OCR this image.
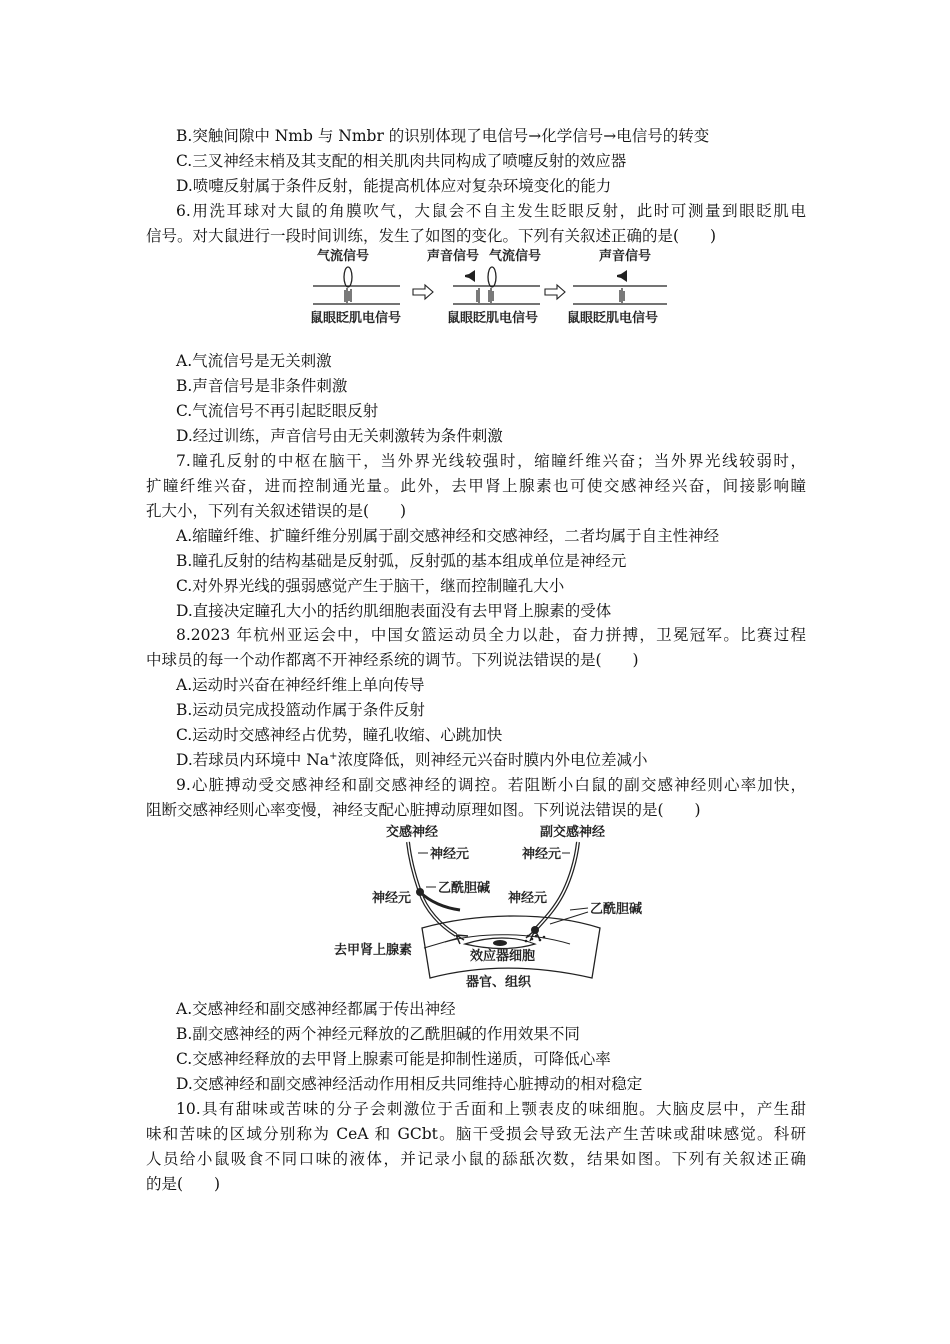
B.突触间隙中 Nmb 与 Nmbr 的识别体现了电信号→化学信号→电信号的转变
C.三叉神经末梢及其支配的相关肌肉共同构成了喷嚏反射的效应器
D.喷嚏反射属于条件反射，能提高机体应对复杂环境变化的能力
6.用洗耳球对大鼠的角膜吹气，大鼠会不自主发生眨眼反射，此时可测量到眼眨肌电
信号。对大鼠进行一段时间训练，发生了如图的变化。下列有关叙述正确的是(　　)
气流信号
鼠眼眨肌电信号
声音信号 气流信号
鼠眼眨肌电信号
声音信号
鼠眼眨肌电信号
A.气流信号是无关刺激
B.声音信号是非条件刺激
C.气流信号不再引起眨眼反射
D.经过训练，声音信号由无关刺激转为条件刺激
7.瞳孔反射的中枢在脑干，当外界光线较强时，缩瞳纤维兴奋；当外界光线较弱时，
扩瞳纤维兴奋，进而控制通光量。此外，去甲肾上腺素也可使交感神经兴奋，间接影响瞳
孔大小，下列有关叙述错误的是(　　)
A.缩瞳纤维、扩瞳纤维分别属于副交感神经和交感神经，二者均属于自主性神经
B.瞳孔反射的结构基础是反射弧，反射弧的基本组成单位是神经元
C.对外界光线的强弱感觉产生于脑干，继而控制瞳孔大小
D.直接决定瞳孔大小的括约肌细胞表面没有去甲肾上腺素的受体
8.2023 年杭州亚运会中，中国女篮运动员全力以赴，奋力拼搏，卫冕冠军。比赛过程
中球员的每一个动作都离不开神经系统的调节。下列说法错误的是(　　)
A.运动时兴奋在神经纤维上单向传导
B.运动员完成投篮动作属于条件反射
C.运动时交感神经占优势，瞳孔收缩、心跳加快
D.若球员内环境中 Na+浓度降低，则神经元兴奋时膜内外电位差减小
9.心脏搏动受交感神经和副交感神经的调控。若阻断小白鼠的副交感神经则心率加快，
阻断交感神经则心率变慢，神经支配心脏搏动原理如图。下列说法错误的是(　　)
交感神经	副交感神经
神经元	神经元
神经元
乙酰胆碱
神经元
乙酰胆碱
去甲肾上腺素	效应器细胞
器官、组织
A.交感神经和副交感神经都属于传出神经
B.副交感神经的两个神经元释放的乙酰胆碱的作用效果不同
C.交感神经释放的去甲肾上腺素可能是抑制性递质，可降低心率
D.交感神经和副交感神经活动作用相反共同维持心脏搏动的相对稳定
10.具有甜味或苦味的分子会刺激位于舌面和上颚表皮的味细胞。大脑皮层中，产生甜
味和苦味的区域分别称为 CeA 和 GCbt。脑干受损会导致无法产生苦味或甜味感觉。科研
人员给小鼠吸食不同口味的液体，并记录小鼠的舔舐次数，结果如图。下列有关叙述正确
的是(　　)
